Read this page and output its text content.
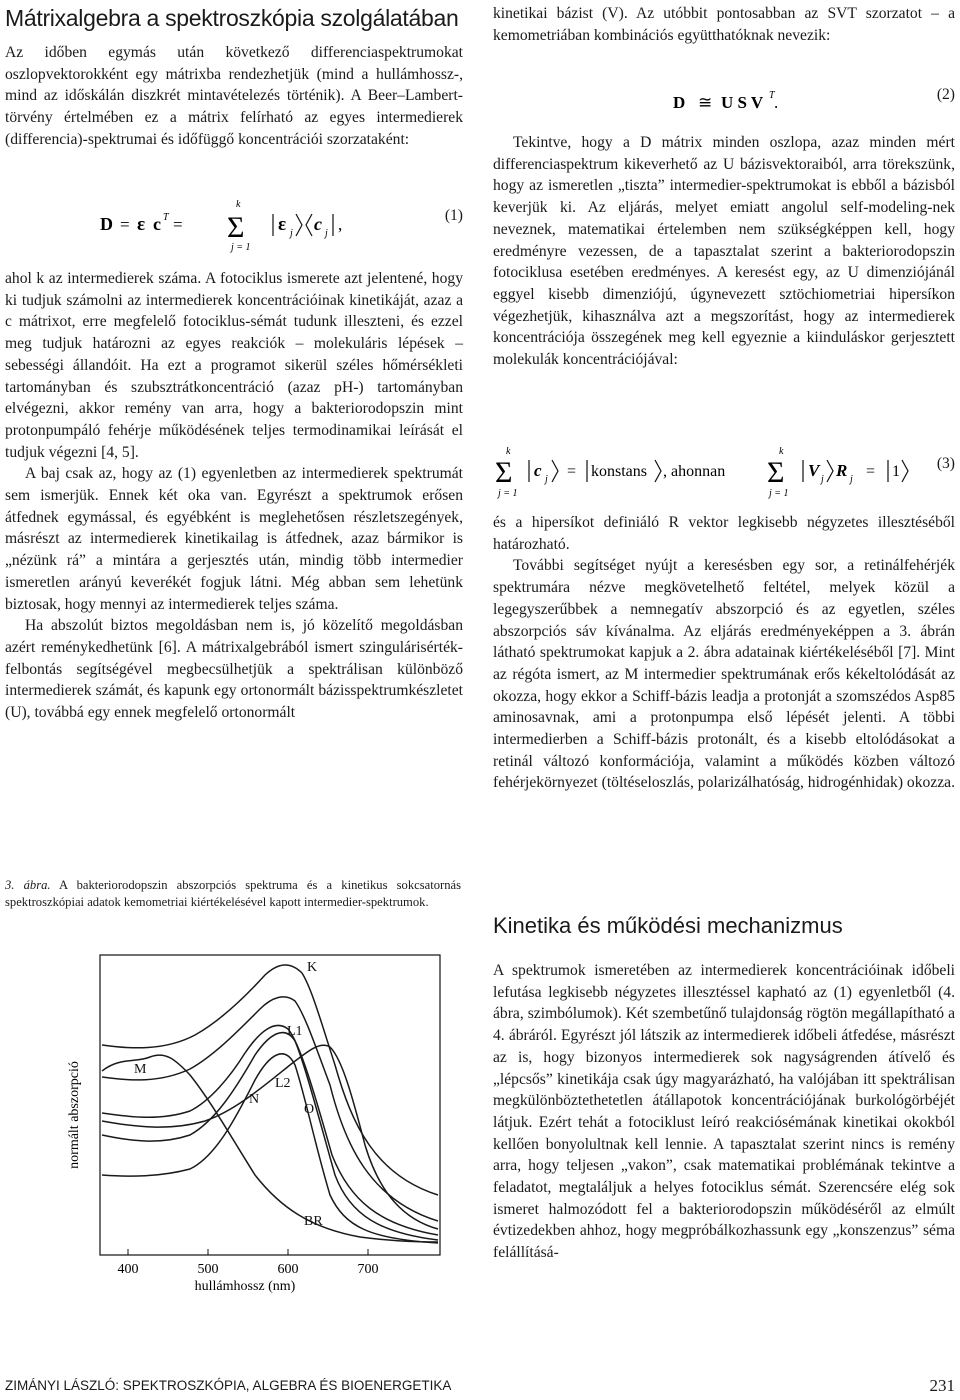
Mátrixalgebra a spektroszkópia szolgálatában

Az időben egymás után következő differenciaspektrumokat oszlopvektorokként egy mátrixba rendezhetjük (mind a hullámhossz-, mind az időskálán diszkrét mintavételezés történik). A Beer–Lambert-törvény értelmében ez a mátrix felírható az egyes intermedierek (differencia)-spektrumai és időfüggő koncentrációi szorzataként:

D = ε c T =
k
Σ
j = 1
ε j c j ,	(1)

ahol k az intermedierek száma. A fotociklus ismerete azt jelentené, hogy ki tudjuk számolni az intermedierek koncentrációinak kinetikáját, azaz a c mátrixot, erre megfelelő fotociklus-sémát tudunk illeszteni, és ezzel meg tudjuk határozni az egyes reakciók – molekuláris lépések – sebességi állandóit. Ha ezt a programot sikerül széles hőmérsékleti tartományban és szubsztrátkoncentráció (azaz pH-) tartományban elvégezni, akkor remény van arra, hogy a bakteriorodopszin mint protonpumpáló fehérje működésének teljes termodinamikai leírását el tudjuk végezni [4, 5].

A baj csak az, hogy az (1) egyenletben az intermedierek spektrumát sem ismerjük. Ennek két oka van. Egyrészt a spektrumok erősen átfednek egymással, és egyébként is meglehetősen részletszegények, másrészt az intermedierek kinetikailag is átfednek, azaz bármikor is „nézünk rá” a mintára a gerjesztés után, mindig több intermedier ismeretlen arányú keverékét fogjuk látni. Még abban sem lehetünk biztosak, hogy mennyi az intermedierek teljes száma.

Ha abszolút biztos megoldásban nem is, jó közelítő megoldásban azért reménykedhetünk [6]. A mátrixalgebrából ismert szingulárisérték-felbontás segítségével megbecsülhetjük a spektrálisan különböző intermedierek számát, és kapunk egy ortonormált bázisspektrumkészletet (U), továbbá egy ennek megfelelő ortonormált

3. ábra. A bakteriorodopszin abszorpciós spektruma és a kinetikus sokcsatornás spektroszkópiai adatok kemometriai kiértékelésével kapott intermedier-spektrumok.
normált abszorpció
400	500	600	700
hullámhossz (nm)
K
L1
M
L2
N
O
BR

kinetikai bázist (V). Az utóbbit pontosabban az SVT szorzatot – a kemometriában kombinációs együtthatóknak nevezik:

D ≅ U S V T .	(2)

Tekintve, hogy a D mátrix minden oszlopa, azaz minden mért differenciaspektrum kikeverhető az U bázisvektoraiból, arra törekszünk, hogy az ismeretlen „tiszta” intermedier-spektrumokat is ebből a bázisból keverjük ki. Az eljárás, melyet emiatt angolul self-modeling-nek neveznek, matematikai értelemben nem szükségképpen kell, hogy eredményre vezessen, de a tapasztalat szerint a bakteriorodopszin fotociklusa esetében eredményes. A keresést egy, az U dimenziójánál eggyel kisebb dimenziójú, úgynevezett sztöchiometriai hipersíkon végezhetjük, kihasználva azt a megszorítást, hogy az intermedierek koncentrációja összegének meg kell egyeznie a kiinduláskor gerjesztett molekulák koncentrációjával:

k
Σ
j = 1
c j = konstans , ahonnan
k
Σ
j = 1
V j R j = 1 (3)

és a hipersíkot definiáló R vektor legkisebb négyzetes illesztéséből határozható.

További segítséget nyújt a keresésben egy sor, a retinálfehérjék spektrumára nézve megkövetelhető feltétel, melyek közül a legegyszerűbbek a nemnegatív abszorpció és az egyetlen, széles abszorpciós sáv kívánalma. Az eljárás eredményeképpen a 3. ábrán látható spektrumokat kapjuk a 2. ábra adatainak kiértékeléséből [7]. Mint az régóta ismert, az M intermedier spektrumának erős kékeltolódását az okozza, hogy ekkor a Schiff-bázis leadja a protonját a szomszédos Asp85 aminosavnak, ami a protonpumpa első lépését jelenti. A többi intermedierben a Schiff-bázis protonált, és a kisebb eltolódásokat a retinál változó konformációja, valamint a működés közben változó fehérjekörnyezet (töltéseloszlás, polarizálhatóság, hidrogénhidak) okozza.

Kinetika és működési mechanizmus

A spektrumok ismeretében az intermedierek koncentrációinak időbeli lefutása legkisebb négyzetes illesztéssel kapható az (1) egyenletből (4. ábra, szimbólumok). Két szembetűnő tulajdonság rögtön megállapítható a 4. ábráról. Egyrészt jól látszik az intermedierek időbeli átfedése, másrészt az is, hogy bizonyos intermedierek sok nagyságrenden átívelő és „lépcsős” kinetikája csak úgy magyarázható, ha valójában itt spektrálisan megkülönböztethetetlen átállapotok koncentrációjának burkológörbéjét látjuk. Ezért tehát a fotociklust leíró reakciósémának kinetikai okokból kellően bonyolultnak kell lennie. A tapasztalat szerint nincs is remény arra, hogy teljesen „vakon”, csak matematikai problémának tekintve a feladatot, megtaláljuk a helyes fotociklus sémát. Szerencsére elég sok ismeret halmozódott fel a bakteriorodopszin működéséről az elmúlt évtizedekben ahhoz, hogy megpróbálkozhassunk egy „konszenzus” séma felállításá-

ZIMÁNYI LÁSZLÓ: SPEKTROSZKÓPIA, ALGEBRA ÉS BIOENERGETIKA	231
